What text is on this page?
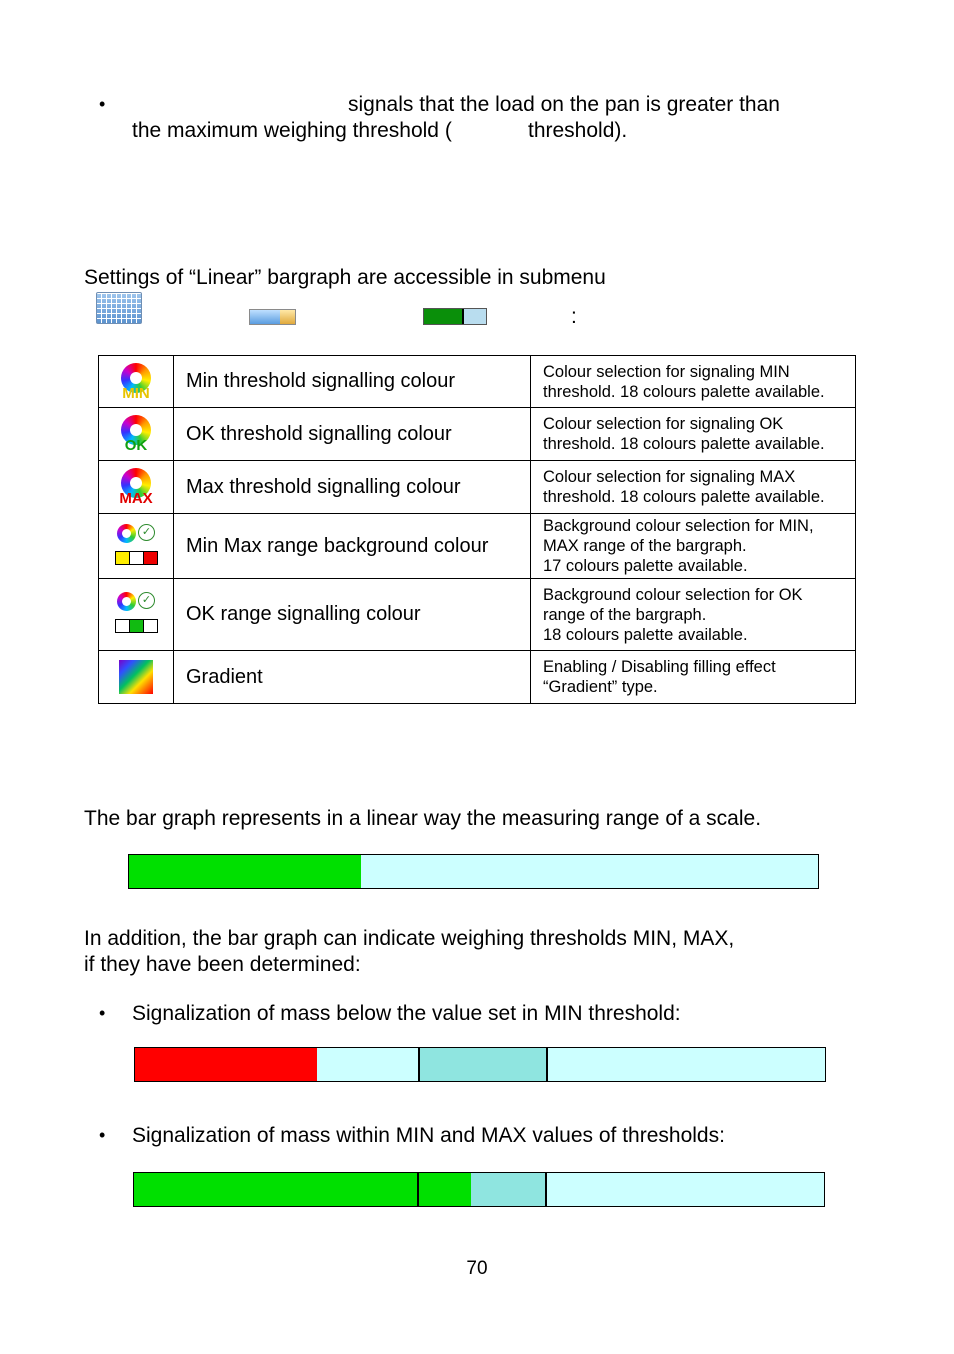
•	signals that the load on the pan is greater than
the maximum weighing threshold (	threshold).
Settings of “Linear” bargraph are accessible in submenu
:
MIN	Min threshold signalling colour	Colour selection for signaling MIN
threshold. 18 colours palette available.

OK	OK threshold signalling colour	Colour selection for signaling OK
threshold. 18 colours palette available.

MAX	Max threshold signalling colour	Colour selection for signaling MAX
threshold. 18 colours palette available.

✓	Min Max range background colour	Background colour selection for MIN,
MAX range of the bargraph.
17 colours palette available.

✓	OK range signalling colour	Background colour selection for OK
range of the bargraph.
18 colours palette available.

	Gradient	Enabling / Disabling filling effect
“Gradient” type.
The bar graph represents in a linear way the measuring range of a scale.
In addition, the bar graph can indicate weighing thresholds MIN, MAX,
if they have been determined:
• Signalization of mass below the value set in MIN threshold:
• Signalization of mass within MIN and MAX values of thresholds:
70
